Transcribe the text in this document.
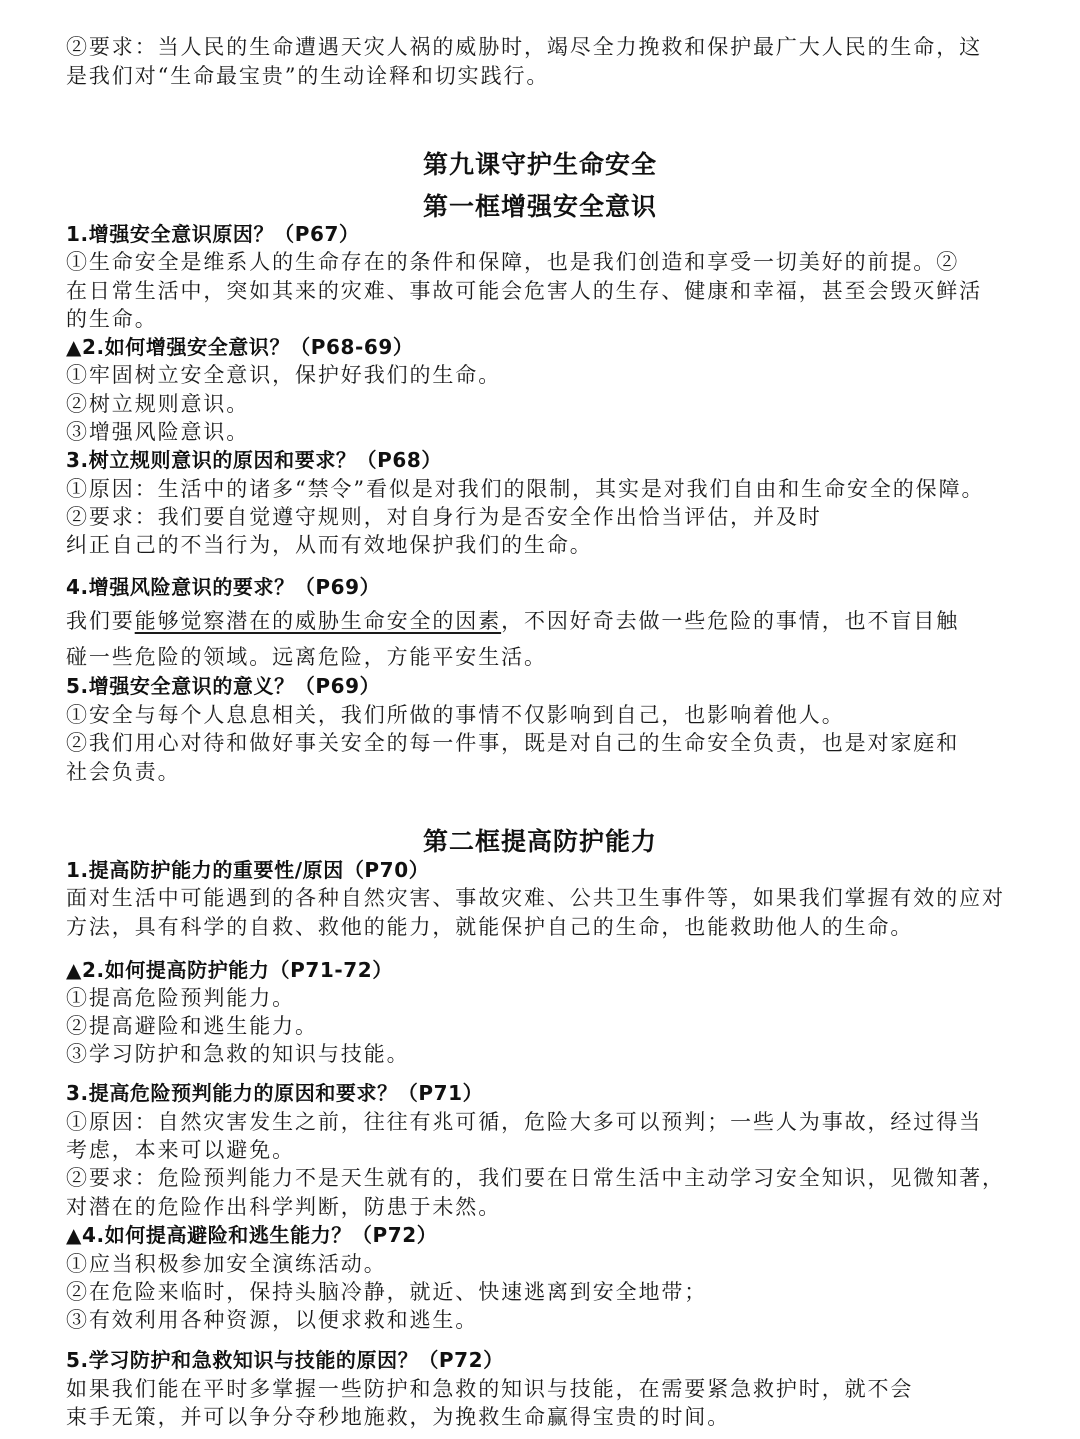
②要求：当人民的生命遭遇天灾人祸的威胁时，竭尽全力挽救和保护最广大人民的生命，这
是我们对“生命最宝贵”的生动诠释和切实践行。
第九课守护生命安全
第一框增强安全意识
1.增强安全意识原因？（P67）
①生命安全是维系人的生命存在的条件和保障，也是我们创造和享受一切美好的前提。②
在日常生活中，突如其来的灾难、事故可能会危害人的生存、健康和幸福，甚至会毁灭鲜活
的生命。
▲2.如何增强安全意识？（P68-69）
①牢固树立安全意识，保护好我们的生命。
②树立规则意识。
③增强风险意识。
3.树立规则意识的原因和要求？（P68）
①原因：生活中的诸多“禁令”看似是对我们的限制，其实是对我们自由和生命安全的保障。
②要求：我们要自觉遵守规则，对自身行为是否安全作出恰当评估，并及时
纠正自己的不当行为，从而有效地保护我们的生命。
4.增强风险意识的要求？（P69）
我们要能够觉察潜在的威胁生命安全的因素，不因好奇去做一些危险的事情，也不盲目触
碰一些危险的领域。远离危险，方能平安生活。
5.增强安全意识的意义？（P69）
①安全与每个人息息相关，我们所做的事情不仅影响到自己，也影响着他人。
②我们用心对待和做好事关安全的每一件事，既是对自己的生命安全负责，也是对家庭和
社会负责。
第二框提高防护能力
1.提高防护能力的重要性/原因（P70）
面对生活中可能遇到的各种自然灾害、事故灾难、公共卫生事件等，如果我们掌握有效的应对
方法，具有科学的自救、救他的能力，就能保护自己的生命，也能救助他人的生命。
▲2.如何提高防护能力（P71-72）
①提高危险预判能力。
②提高避险和逃生能力。
③学习防护和急救的知识与技能。
3.提高危险预判能力的原因和要求？（P71）
①原因：自然灾害发生之前，往往有兆可循，危险大多可以预判；一些人为事故，经过得当
考虑，本来可以避免。
②要求：危险预判能力不是天生就有的，我们要在日常生活中主动学习安全知识，见微知著，
对潜在的危险作出科学判断，防患于未然。
▲4.如何提高避险和逃生能力？（P72）
①应当积极参加安全演练活动。
②在危险来临时，保持头脑冷静，就近、快速逃离到安全地带；
③有效利用各种资源，以便求救和逃生。
5.学习防护和急救知识与技能的原因？（P72）
如果我们能在平时多掌握一些防护和急救的知识与技能，在需要紧急救护时，就不会
束手无策，并可以争分夺秒地施救，为挽救生命赢得宝贵的时间。
